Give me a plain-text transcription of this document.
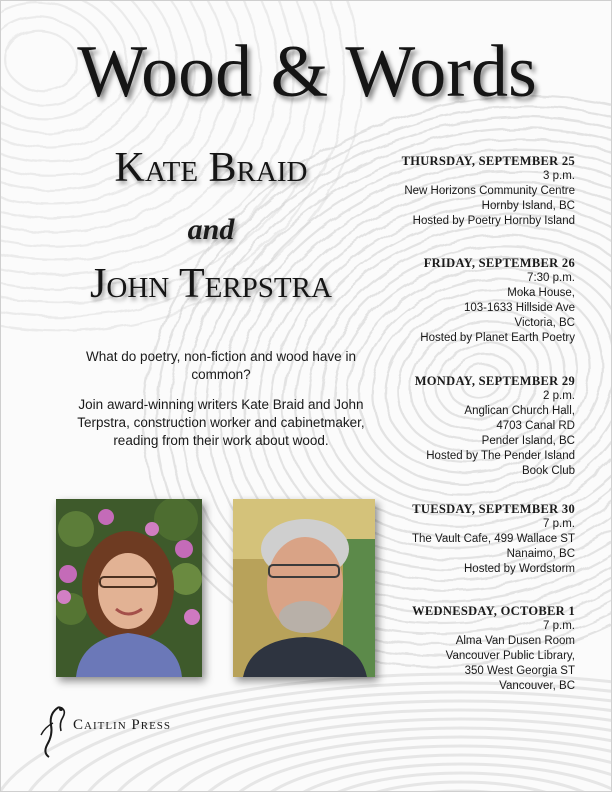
Wood & Words
Kate Braid
and
John Terpstra
What do poetry, non-fiction and wood have in common?
Join award-winning writers Kate Braid and John Terpstra, construction worker and cabinetmaker, reading from their work about wood.
THURSDAY, SEPTEMBER 25
3 p.m.
New Horizons Community Centre
Hornby Island, BC
Hosted by Poetry Hornby Island
FRIDAY, SEPTEMBER 26
7:30 p.m.
Moka House,
103-1633 Hillside Ave
Victoria, BC
Hosted by Planet Earth Poetry
MONDAY, SEPTEMBER 29
2 p.m.
Anglican Church Hall,
4703 Canal RD
Pender Island, BC
Hosted by The Pender Island
Book Club
TUESDAY, SEPTEMBER 30
7 p.m.
The Vault Cafe, 499 Wallace ST
Nanaimo, BC
Hosted by Wordstorm
WEDNESDAY, OCTOBER 1
7 p.m.
Alma Van Dusen Room
Vancouver Public Library,
350 West Georgia ST
Vancouver, BC
Caitlin Press
